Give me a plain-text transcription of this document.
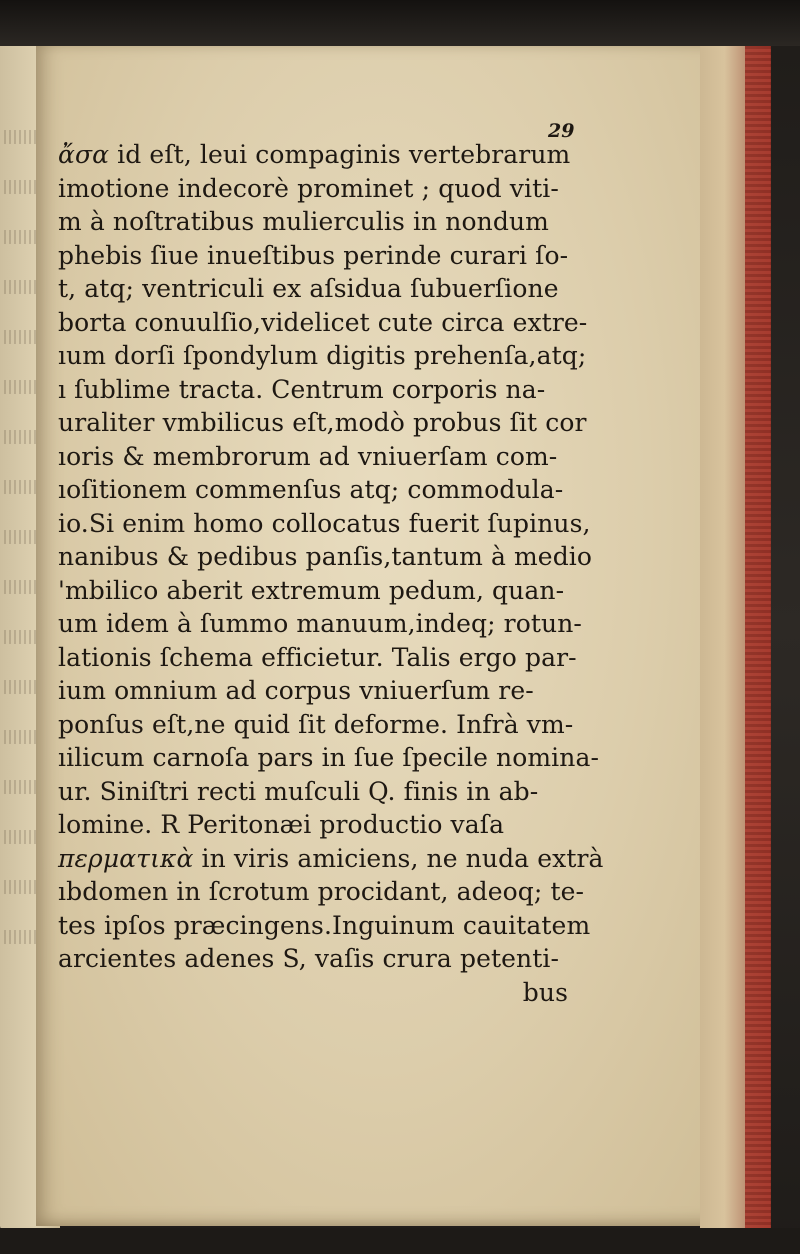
29
ἄσα id eſt, leui compaginis vertebrarum
imotione indecorè prominet ; quod viti-
m à noſtratibus mulierculis in nondum
phebis ſiue inueſtibus perinde curari ſo-
t, atq; ventriculi ex aſsidua ſubuerſione
borta conuulſio,videlicet cute circa extre-
ıum dorſi ſpondylum digitis prehenſa,atq;
ı ſublime tracta. Centrum corporis na-
uraliter vmbilicus eſt,modò probus ſit cor
ıoris & membrorum ad vniuerſam com-
ıoſitionem commenſus atq; commodula-
io.Si enim homo collocatus fuerit ſupinus,
nanibus & pedibus panſis,tantum à medio
'mbilico aberit extremum pedum, quan-
um idem à ſummo manuum,indeq; rotun-
lationis ſchema efficietur. Talis ergo par-
ium omnium ad corpus vniuerſum re-
ponſus eſt,ne quid ſit deforme. Infrà vm-
ıilicum carnoſa pars in ſue ſpecile nomina-
ur. Siniſtri recti muſculi Q. finis in ab-
lomine. R Peritonæi productio vaſa
περματικὰ in viris amiciens, ne nuda extrà
ıbdomen in ſcrotum procidant, adeoq; te-
tes ipſos præcingens.Inguinum cauitatem
arcientes adenes S, vaſis crura petenti-
bus
